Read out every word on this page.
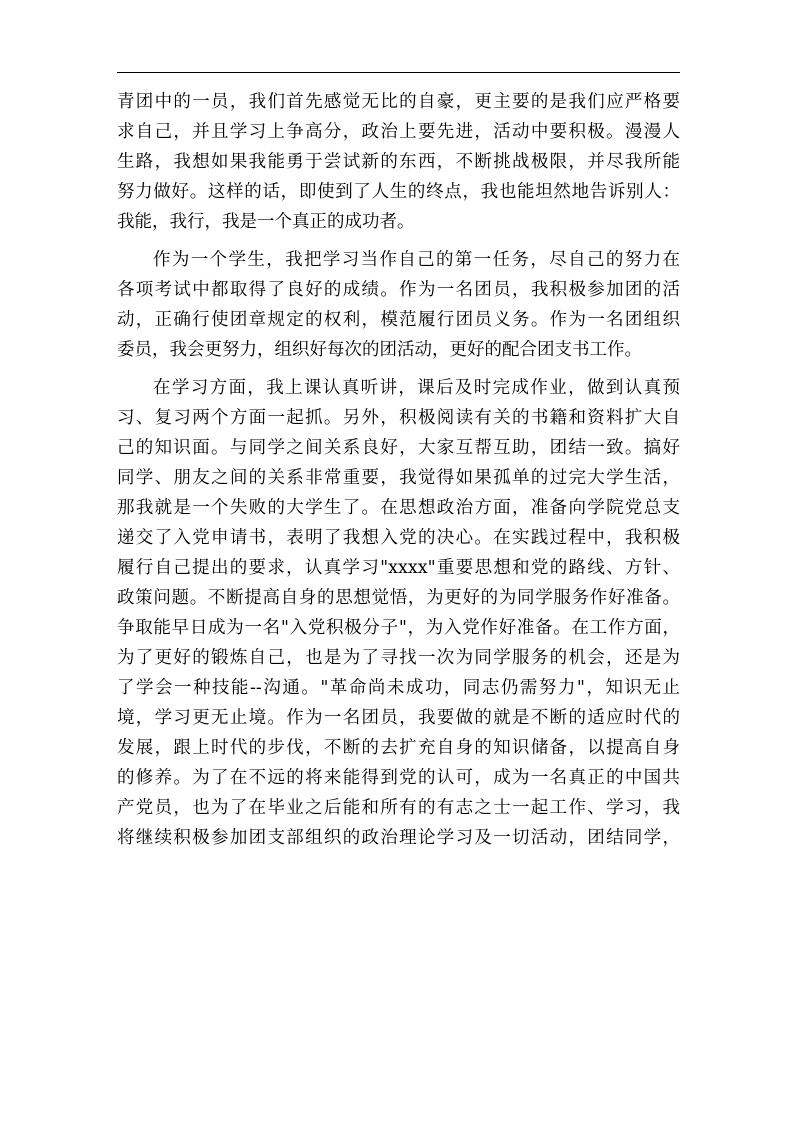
青团中的一员，我们首先感觉无比的自豪，更主要的是我们应严格要
求自己，并且学习上争高分，政治上要先进，活动中要积极。漫漫人
生路，我想如果我能勇于尝试新的东西，不断挑战极限，并尽我所能
努力做好。这样的话，即使到了人生的终点，我也能坦然地告诉别人：
我能，我行，我是一个真正的成功者。
作为一个学生，我把学习当作自己的第一任务，尽自己的努力在
各项考试中都取得了良好的成绩。作为一名团员，我积极参加团的活
动，正确行使团章规定的权利，模范履行团员义务。作为一名团组织
委员，我会更努力，组织好每次的团活动，更好的配合团支书工作。
在学习方面，我上课认真听讲，课后及时完成作业，做到认真预
习、复习两个方面一起抓。另外，积极阅读有关的书籍和资料扩大自
己的知识面。与同学之间关系良好，大家互帮互助，团结一致。搞好
同学、朋友之间的关系非常重要，我觉得如果孤单的过完大学生活，
那我就是一个失败的大学生了。在思想政治方面，准备向学院党总支
递交了入党申请书，表明了我想入党的决心。在实践过程中，我积极
履行自己提出的要求，认真学习"xxxx"重要思想和党的路线、方针、
政策问题。不断提高自身的思想觉悟，为更好的为同学服务作好准备。
争取能早日成为一名"入党积极分子"，为入党作好准备。在工作方面，
为了更好的锻炼自己，也是为了寻找一次为同学服务的机会，还是为
了学会一种技能--沟通。"革命尚未成功，同志仍需努力"，知识无止
境，学习更无止境。作为一名团员，我要做的就是不断的适应时代的
发展，跟上时代的步伐，不断的去扩充自身的知识储备，以提高自身
的修养。为了在不远的将来能得到党的认可，成为一名真正的中国共
产党员，也为了在毕业之后能和所有的有志之士一起工作、学习，我
将继续积极参加团支部组织的政治理论学习及一切活动，团结同学，
